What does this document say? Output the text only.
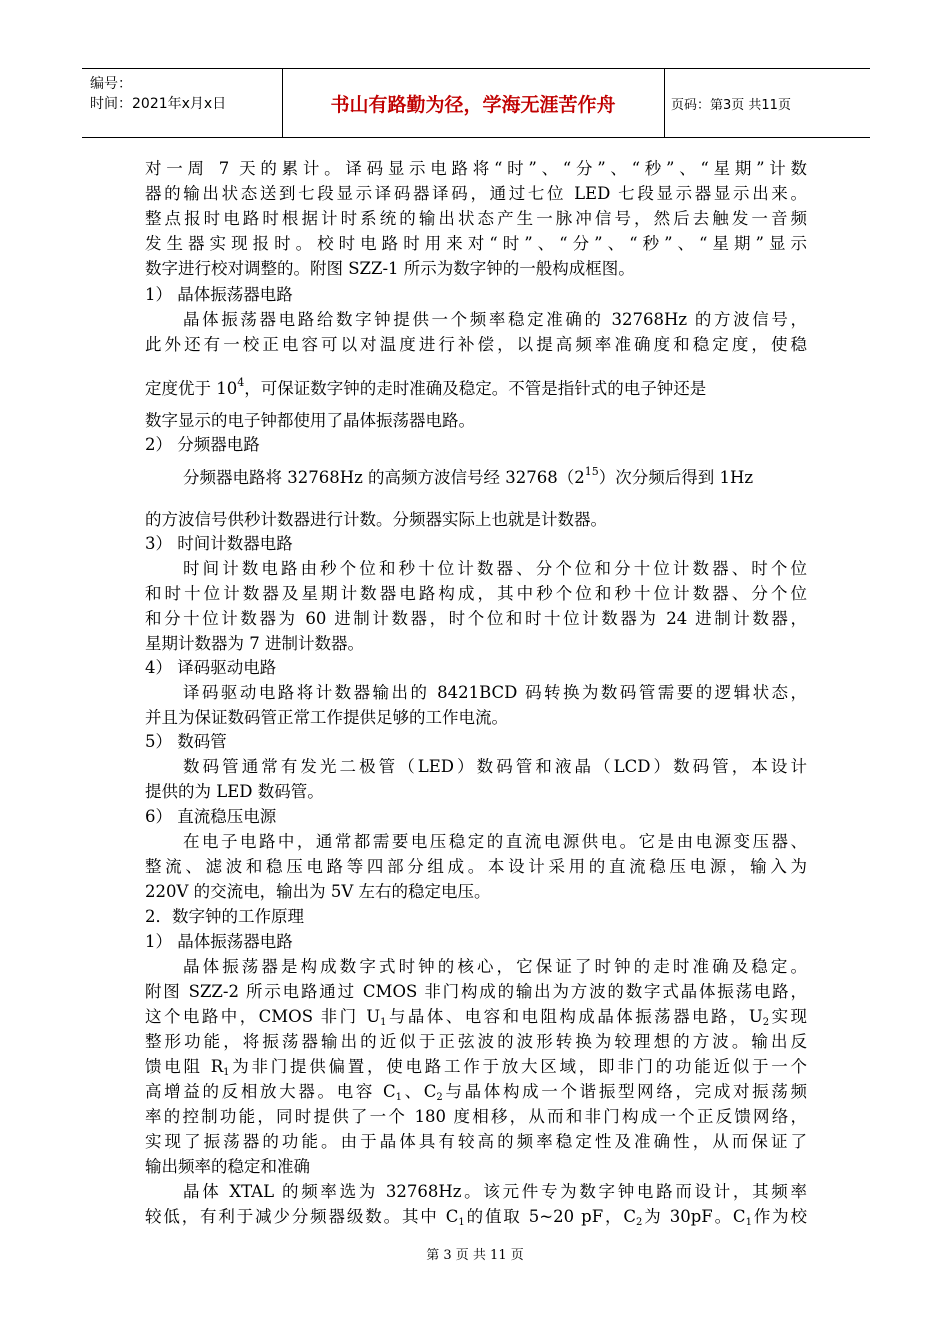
编号：
时间：2021年x月x日	书山有路勤为径，学海无涯苦作舟	页码：第3页 共11页
对一周 7 天的累计。译码显示电路将“时”、“分”、“秒”、“星期”计数
器的输出状态送到七段显示译码器译码，通过七位 LED 七段显示器显示出来。
整点报时电路时根据计时系统的输出状态产生一脉冲信号，然后去触发一音频
发生器实现报时。校时电路时用来对“时”、“分”、“秒”、“星期”显示
数字进行校对调整的。附图 SZZ-1 所示为数字钟的一般构成框图。
1） 晶体振荡器电路
晶体振荡器电路给数字钟提供一个频率稳定准确的 32768Hz 的方波信号，
此外还有一校正电容可以对温度进行补偿，以提高频率准确度和稳定度，使稳
定度优于 $10^4$，可保证数字钟的走时准确及稳定。不管是指针式的电子钟还是
数字显示的电子钟都使用了晶体振荡器电路。
2） 分频器电路
分频器电路将 32768Hz 的高频方波信号经 $32768(2^{15})$次分频后得到 1Hz
的方波信号供秒计数器进行计数。分频器实际上也就是计数器。
3） 时间计数器电路
时间计数电路由秒个位和秒十位计数器、分个位和分十位计数器、时个位
和时十位计数器及星期计数器电路构成，其中秒个位和秒十位计数器、分个位
和分十位计数器为 60 进制计数器，时个位和时十位计数器为 24 进制计数器，
星期计数器为 7 进制计数器。
4） 译码驱动电路
译码驱动电路将计数器输出的 8421BCD 码转换为数码管需要的逻辑状态，
并且为保证数码管正常工作提供足够的工作电流。
5） 数码管
数码管通常有发光二极管（LED）数码管和液晶（LCD）数码管，本设计
提供的为 LED 数码管。
6） 直流稳压电源
在电子电路中，通常都需要电压稳定的直流电源供电。它是由电源变压器、
整流、滤波和稳压电路等四部分组成。本设计采用的直流稳压电源，输入为
220V 的交流电，输出为 5V 左右的稳定电压。
2．数字钟的工作原理
1） 晶体振荡器电路
晶体振荡器是构成数字式时钟的核心，它保证了时钟的走时准确及稳定。
附图 SZZ-2 所示电路通过 CMOS 非门构成的输出为方波的数字式晶体振荡电路，
这个电路中，CMOS 非门 $U_1$与晶体、电容和电阻构成晶体振荡器电路，$U_2$实现
整形功能，将振荡器输出的近似于正弦波的波形转换为较理想的方波。输出反
馈电阻 $R_1$为非门提供偏置，使电路工作于放大区域，即非门的功能近似于一个
高增益的反相放大器。电容 $C_1$、$C_2$与晶体构成一个谐振型网络，完成对振荡频
率的控制功能，同时提供了一个 180 度相移，从而和非门构成一个正反馈网络，
实现了振荡器的功能。由于晶体具有较高的频率稳定性及准确性，从而保证了
输出频率的稳定和准确
晶体 XTAL 的频率选为 32768Hz。该元件专为数字钟电路而设计，其频率
较低，有利于减少分频器级数。其中 $C_1$的值取 5~20 pF，$C_2$为 30pF。$C_1$作为校
第 3 页 共 11 页
